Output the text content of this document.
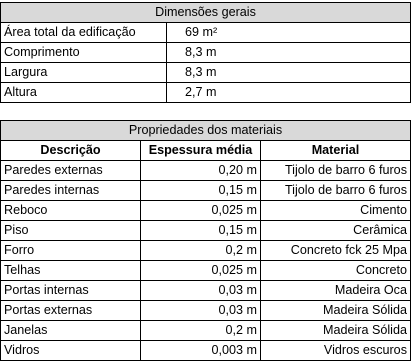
Dimensões gerais	
Área total da edificação	69 m²
Comprimento	8,3 m
Largura	8,3 m
Altura	2,7 m
Propriedades dos materiais		
Descrição	Espessura média	Material
Paredes externas	0,20 m	Tijolo de barro 6 furos
Paredes internas	0,15 m	Tijolo de barro 6 furos
Reboco	0,025 m	Cimento
Piso	0,15 m	Cerâmica
Forro	0,2 m	Concreto fck 25 Mpa
Telhas	0,025 m	Concreto
Portas internas	0,03 m	Madeira Oca
Portas externas	0,03 m	Madeira Sólida
Janelas	0,2 m	Madeira Sólida
Vidros	0,003 m	Vidros escuros
